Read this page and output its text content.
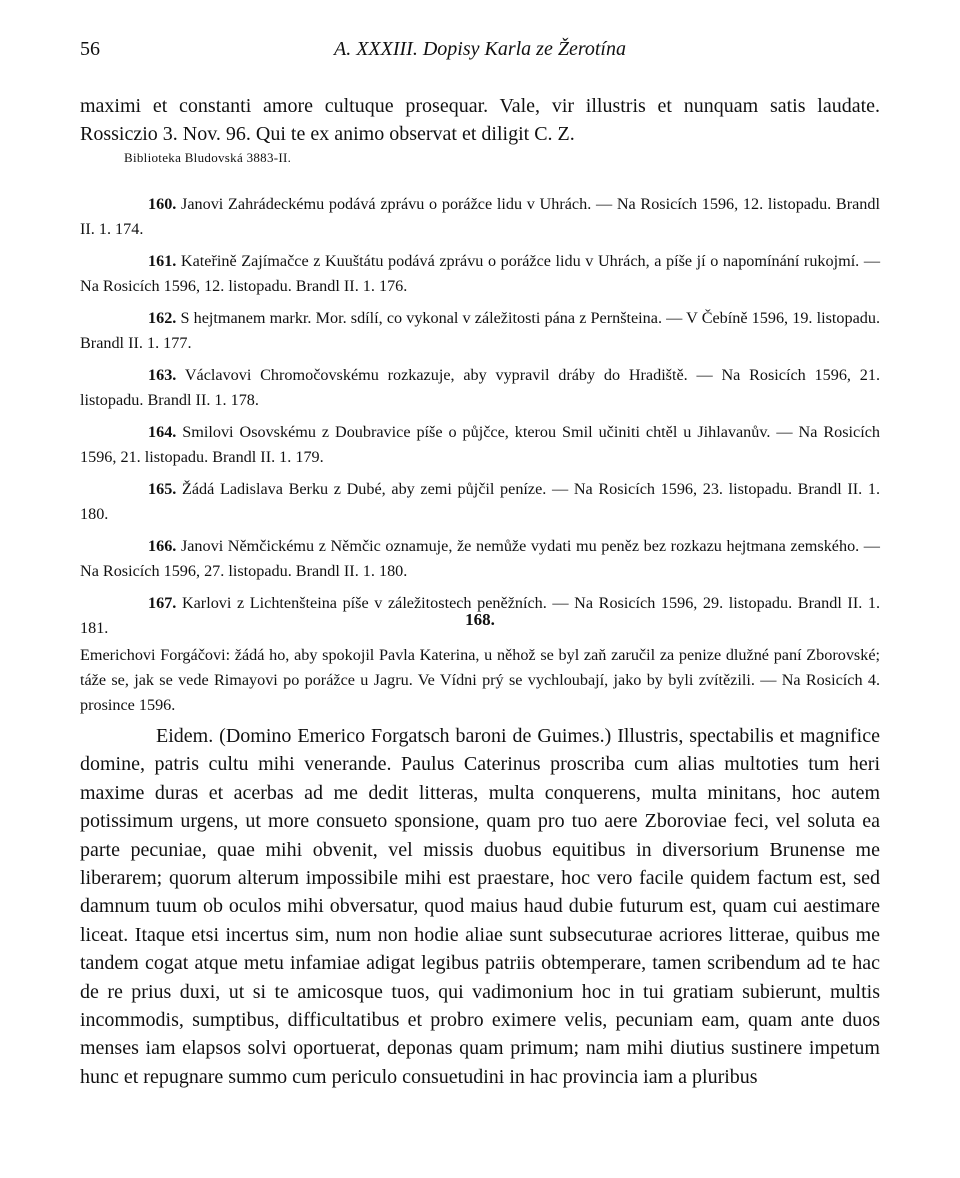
56	A. XXXIII. Dopisy Karla ze Žerotína
maximi et constanti amore cultuque prosequar. Vale, vir illustris et nunquam satis laudate. Rossiczio 3. Nov. 96. Qui te ex animo observat et diligit C. Z.
Biblioteka Bludovská 3883-II.

160. Janovi Zahrádeckému podává zprávu o porážce lidu v Uhrách. — Na Rosicích 1596, 12. listopadu. Brandl II. 1. 174.

161. Kateřině Zajímačce z Kuuštátu podává zprávu o porážce lidu v Uhrách, a píše jí o napomínání rukojmí. — Na Rosicích 1596, 12. listopadu. Brandl II. 1. 176.

162. S hejtmanem markr. Mor. sdílí, co vykonal v záležitosti pána z Pernšteina. — V Čebíně 1596, 19. listopadu. Brandl II. 1. 177.

163. Václavovi Chromočovskému rozkazuje, aby vypravil dráby do Hradiště. — Na Rosicích 1596, 21. listopadu. Brandl II. 1. 178.

164. Smilovi Osovskému z Doubravice píše o půjčce, kterou Smil učiniti chtěl u Jihlavanův. — Na Rosicích 1596, 21. listopadu. Brandl II. 1. 179.

165. Žádá Ladislava Berku z Dubé, aby zemi půjčil peníze. — Na Rosicích 1596, 23. listopadu. Brandl II. 1. 180.

166. Janovi Němčickému z Němčic oznamuje, že nemůže vydati mu peněz bez rozkazu hejtmana zemského. — Na Rosicích 1596, 27. listopadu. Brandl II. 1. 180.

167. Karlovi z Lichtenšteina píše v záležitostech peněžních. — Na Rosicích 1596, 29. listopadu. Brandl II. 1. 181.	168.
Emerichovi Forgáčovi: žádá ho, aby spokojil Pavla Katerina, u něhož se byl zaň zaručil za penize dlužné paní Zborovské; táže se, jak se vede Rimayovi po porážce u Jagru. Ve Vídni prý se vychloubají, jako by byli zvítězili. — Na Rosicích 4. prosince 1596.
Eidem. (Domino Emerico Forgatsch baroni de Guimes.) Illustris, spectabilis et magnifice domine, patris cultu mihi venerande. Paulus Caterinus proscriba cum alias multoties tum heri maxime duras et acerbas ad me dedit litteras, multa conquerens, multa minitans, hoc autem potissimum urgens, ut more consueto sponsione, quam pro tuo aere Zboroviae feci, vel soluta ea parte pecuniae, quae mihi obvenit, vel missis duobus equitibus in diversorium Brunense me liberarem; quorum alterum impossibile mihi est praestare, hoc vero facile quidem factum est, sed damnum tuum ob oculos mihi obversatur, quod maius haud dubie futurum est, quam cui aestimare liceat. Itaque etsi incertus sim, num non hodie aliae sunt subsecuturae acriores litterae, quibus me tandem cogat atque metu infamiae adigat legibus patriis obtemperare, tamen scribendum ad te hac de re prius duxi, ut si te amicosque tuos, qui vadimonium hoc in tui gratiam subierunt, multis incommodis, sumptibus, difficultatibus et probro eximere velis, pecuniam eam, quam ante duos menses iam elapsos solvi oportuerat, deponas quam primum; nam mihi diutius sustinere impetum hunc et repugnare summo cum periculo consuetudini in hac provincia iam a pluribus
